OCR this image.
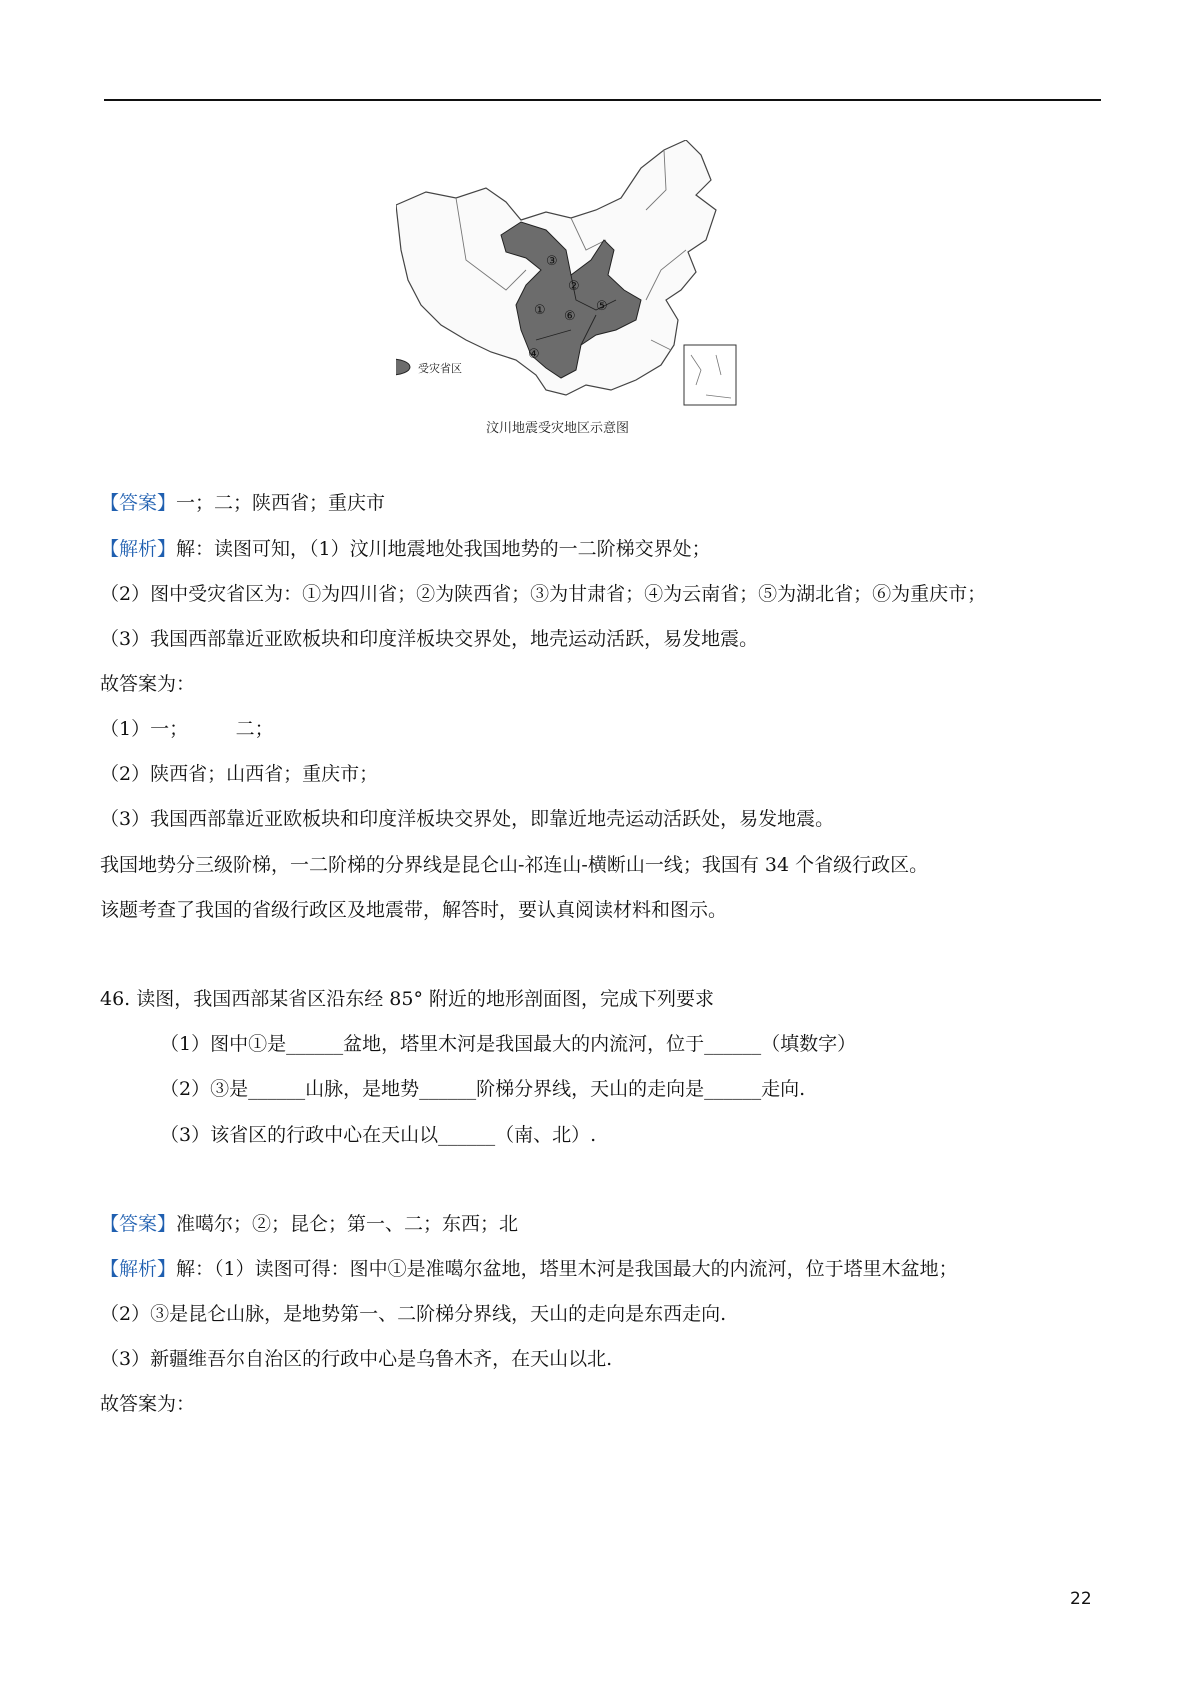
①
②
③
④
⑤
⑥
受灾省区
汶川地震受灾地区示意图
【答案】一；二；陕西省；重庆市
【解析】解：读图可知，（1）汶川地震地处我国地势的一二阶梯交界处；
（2）图中受灾省区为：①为四川省；②为陕西省；③为甘肃省；④为云南省；⑤为湖北省；⑥为重庆市；
（3）我国西部靠近亚欧板块和印度洋板块交界处，地壳运动活跃，易发地震。
故答案为：
（1）一；　　　二；
（2）陕西省；山西省；重庆市；
（3）我国西部靠近亚欧板块和印度洋板块交界处，即靠近地壳运动活跃处，易发地震。
我国地势分三级阶梯，一二阶梯的分界线是昆仑山-祁连山-横断山一线；我国有 34 个省级行政区。
该题考查了我国的省级行政区及地震带，解答时，要认真阅读材料和图示。
46. 读图，我国西部某省区沿东经 85° 附近的地形剖面图，完成下列要求
（1）图中①是______盆地，塔里木河是我国最大的内流河，位于______（填数字）
（2）③是______山脉，是地势______阶梯分界线，天山的走向是______走向.
（3）该省区的行政中心在天山以______（南、北）.
【答案】准噶尔；②；昆仑；第一、二；东西；北
【解析】解：（1）读图可得：图中①是准噶尔盆地，塔里木河是我国最大的内流河，位于塔里木盆地；
（2）③是昆仑山脉，是地势第一、二阶梯分界线，天山的走向是东西走向.
（3）新疆维吾尔自治区的行政中心是乌鲁木齐，在天山以北.
故答案为：
22
